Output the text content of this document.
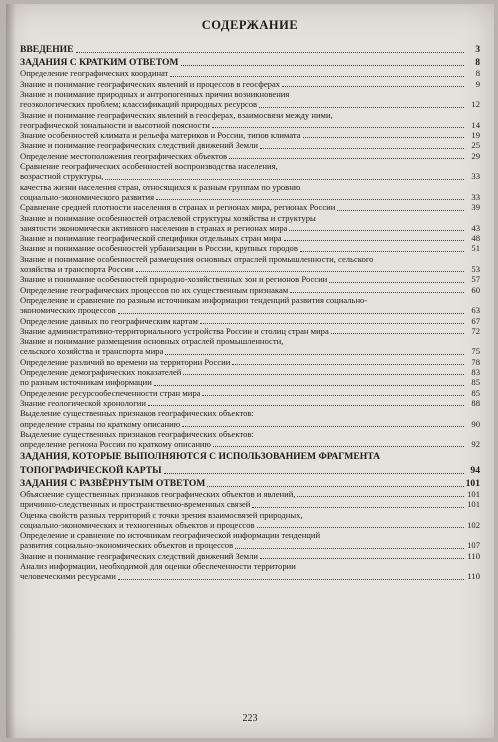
СОДЕРЖАНИЕ
ВВЕДЕНИЕ	3
ЗАДАНИЯ С КРАТКИМ ОТВЕТОМ	8
Определение географических координат	8
Знание и понимание географических явлений и процессов в геосферах	9
Знание и понимание природных и антропогенных причин возникновения
геоэкологических проблем; классификаций природных ресурсов	12
Знание и понимание географических явлений в геосферах, взаимосвязи между ними,
географической зональности и высотной поясности	14
Знание особенностей климата и рельефа материков и России, типов климата	19
Знание и понимание географических следствий движений Земли	25
Определение местоположения географических объектов	29
Сравнение географических особенностей воспроизводства населения,
возрастной структуры,	33
качества жизни населения стран, относящихся к разным группам по уровню
социально-экономического развития	33
Сравнение средней плотности населения в странах и регионах мира, регионах России	39
Знание и понимание особенностей отраслевой структуры хозяйства и структуры
занятости экономически активного населения в странах и регионах мира	43
Знание и понимание географической специфики отдельных стран мира	48
Знание и понимание особенностей урбанизации в России, крупных городов	51
Знание и понимание особенностей размещения основных отраслей промышленности, сельского
хозяйства и транспорта России	53
Знание и понимание особенностей природно-хозяйственных зон и регионов России	57
Определение географических процессов по их существенным признакам	60
Определение и сравнение по разным источникам информации тенденций развития социально-
экономических процессов	63
Определение данных по географическим картам	67
Знание административно-территориального устройства России и столиц стран мира	72
Знание и понимание размещения основных отраслей промышленности,
сельского хозяйства и транспорта мира	75
Определение различий во времени на территории России	78
Определение демографических показателей	83
по разным источникам информации	85
Определение ресурсообеспеченности стран мира	85
Знание геологической хронологии	88
Выделение существенных признаков географических объектов:
определение страны по краткому описанию	90
Выделение существенных признаков географических объектов:
определение региона России по краткому описанию	92
ЗАДАНИЯ, КОТОРЫЕ ВЫПОЛНЯЮТСЯ С ИСПОЛЬЗОВАНИЕМ ФРАГМЕНТА
ТОПОГРАФИЧЕСКОЙ КАРТЫ	94
ЗАДАНИЯ С РАЗВЁРНУТЫМ ОТВЕТОМ	101
Объяснение существенных признаков географических объектов и явлений,	101
причинно-следственных и пространственно-временных связей	101
Оценка свойств разных территорий с точки зрения взаимосвязей природных,
социально-экономических и техногенных объектов и процессов	102
Определение и сравнение по источникам географической информации тенденций
развития социально-экономических объектов и процессов	107
Знание и понимание географических следствий движений Земли	110
Анализ информации, необходимой для оценки обеспеченности территории
человеческими ресурсами	110
223
